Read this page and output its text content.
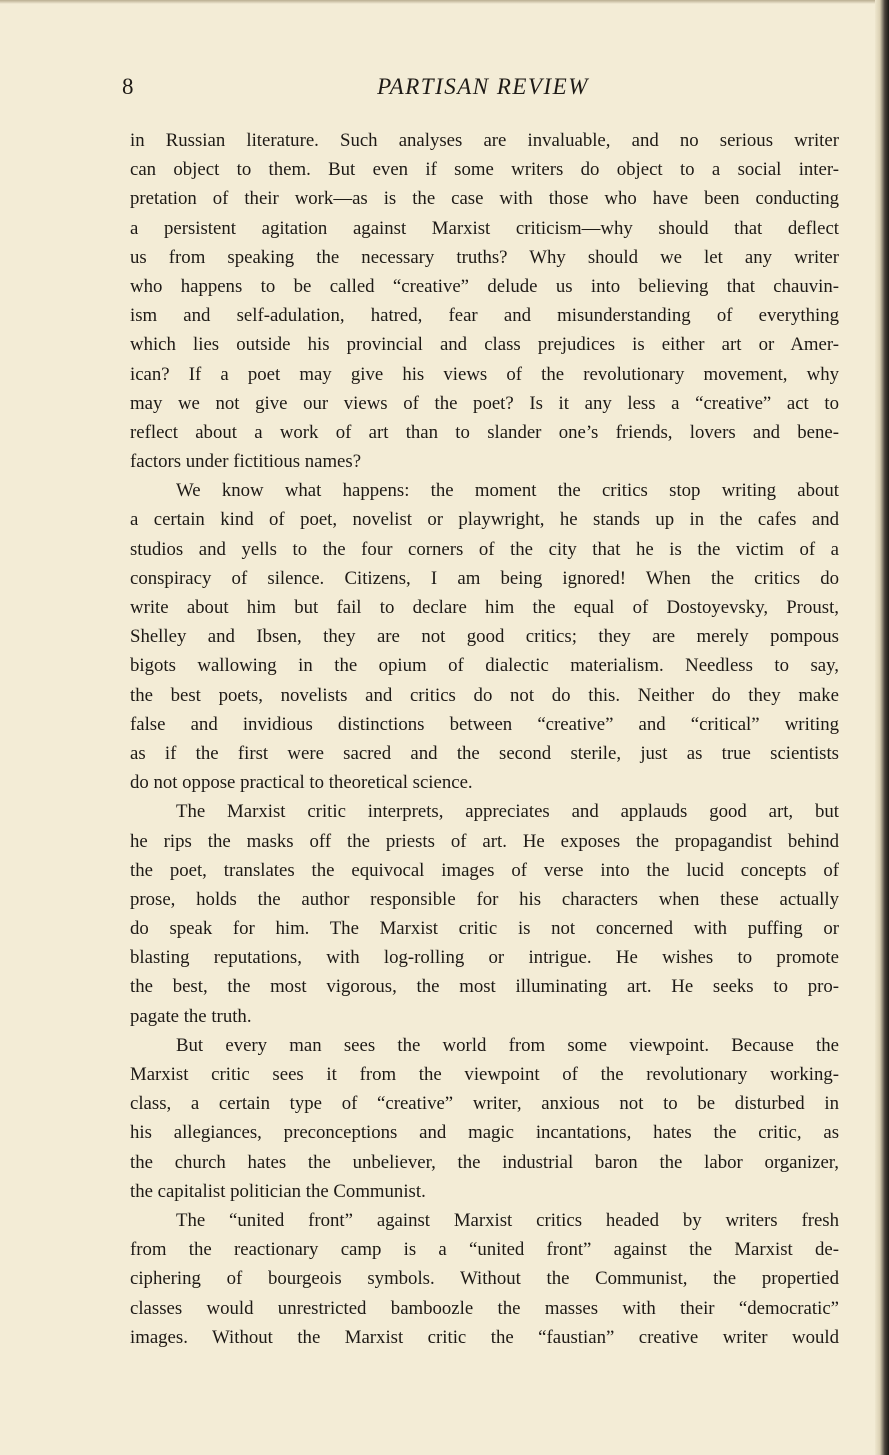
8	PARTISAN REVIEW
in Russian literature. Such analyses are invaluable, and no serious writer
can object to them. But even if some writers do object to a social inter-
pretation of their work—as is the case with those who have been conducting
a persistent agitation against Marxist criticism—why should that deflect
us from speaking the necessary truths? Why should we let any writer
who happens to be called “creative” delude us into believing that chauvin-
ism and self-adulation, hatred, fear and misunderstanding of everything
which lies outside his provincial and class prejudices is either art or Amer-
ican? If a poet may give his views of the revolutionary movement, why
may we not give our views of the poet? Is it any less a “creative” act to
reflect about a work of art than to slander one’s friends, lovers and bene-
factors under fictitious names?
We know what happens: the moment the critics stop writing about
a certain kind of poet, novelist or playwright, he stands up in the cafes and
studios and yells to the four corners of the city that he is the victim of a
conspiracy of silence. Citizens, I am being ignored! When the critics do
write about him but fail to declare him the equal of Dostoyevsky, Proust,
Shelley and Ibsen, they are not good critics; they are merely pompous
bigots wallowing in the opium of dialectic materialism. Needless to say,
the best poets, novelists and critics do not do this. Neither do they make
false and invidious distinctions between “creative” and “critical” writing
as if the first were sacred and the second sterile, just as true scientists
do not oppose practical to theoretical science.
The Marxist critic interprets, appreciates and applauds good art, but
he rips the masks off the priests of art. He exposes the propagandist behind
the poet, translates the equivocal images of verse into the lucid concepts of
prose, holds the author responsible for his characters when these actually
do speak for him. The Marxist critic is not concerned with puffing or
blasting reputations, with log-rolling or intrigue. He wishes to promote
the best, the most vigorous, the most illuminating art. He seeks to pro-
pagate the truth.
But every man sees the world from some viewpoint. Because the
Marxist critic sees it from the viewpoint of the revolutionary working-
class, a certain type of “creative” writer, anxious not to be disturbed in
his allegiances, preconceptions and magic incantations, hates the critic, as
the church hates the unbeliever, the industrial baron the labor organizer,
the capitalist politician the Communist.
The “united front” against Marxist critics headed by writers fresh
from the reactionary camp is a “united front” against the Marxist de-
ciphering of bourgeois symbols. Without the Communist, the propertied
classes would unrestricted bamboozle the masses with their “democratic”
images. Without the Marxist critic the “faustian” creative writer would
